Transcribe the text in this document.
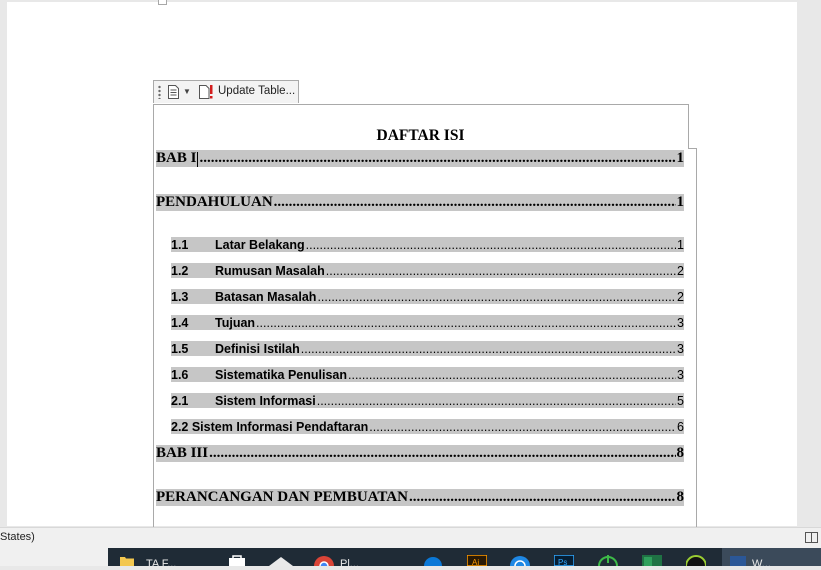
▼ Update Table...
DAFTAR ISI
BAB I .....	1
PENDAHULUAN .....	1
1.1	Latar Belakang .....	1
1.2	Rumusan Masalah .....	2
1.3	Batasan Masalah .....	2
1.4	Tujuan .....	3
1.5	Definisi Istilah .....	3
1.6	Sistematika Penulisan .....	3
2.1	Sistem Informasi .....	5
2.2 Sistem Informasi Pendaftaran .....	6
BAB III .....	8
PERANCANGAN DAN PEMBUATAN .....	8
States)
TA F...	Pl...	Ai	Ps	W...
